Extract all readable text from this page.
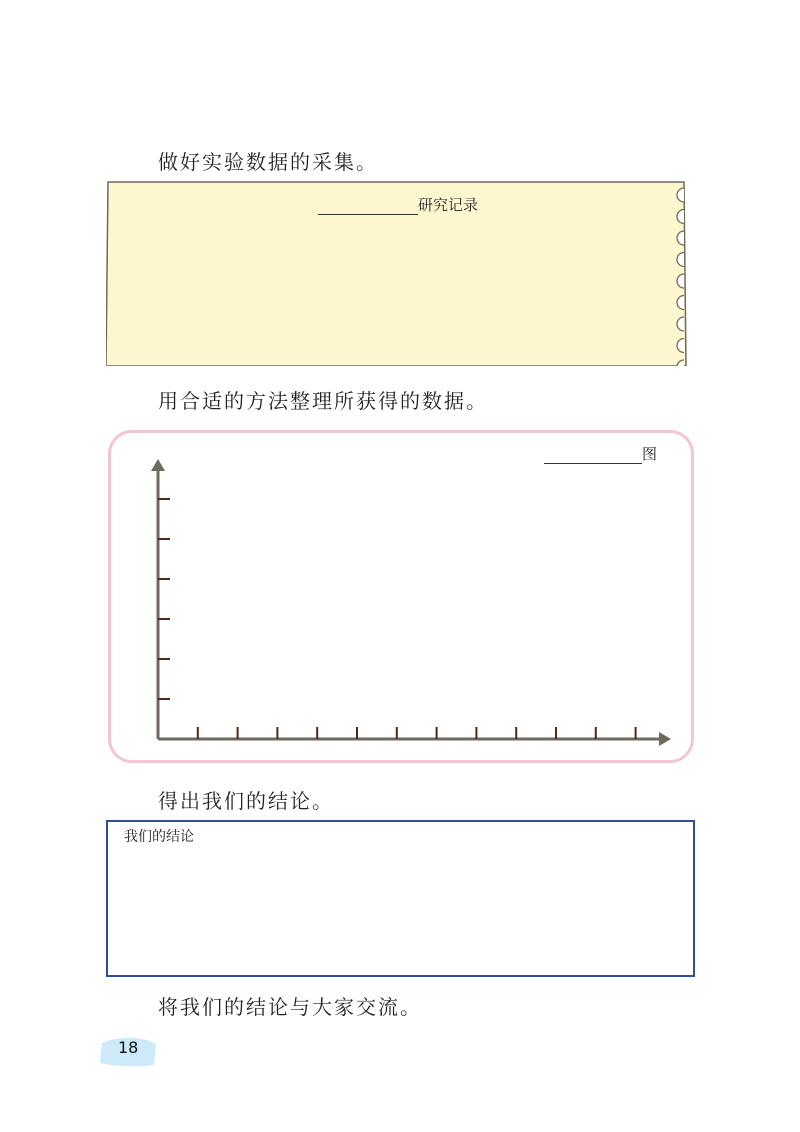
做好实验数据的采集。

研究记录

用合适的方法整理所获得的数据。

图

得出我们的结论。

我们的结论

将我们的结论与大家交流。

18
